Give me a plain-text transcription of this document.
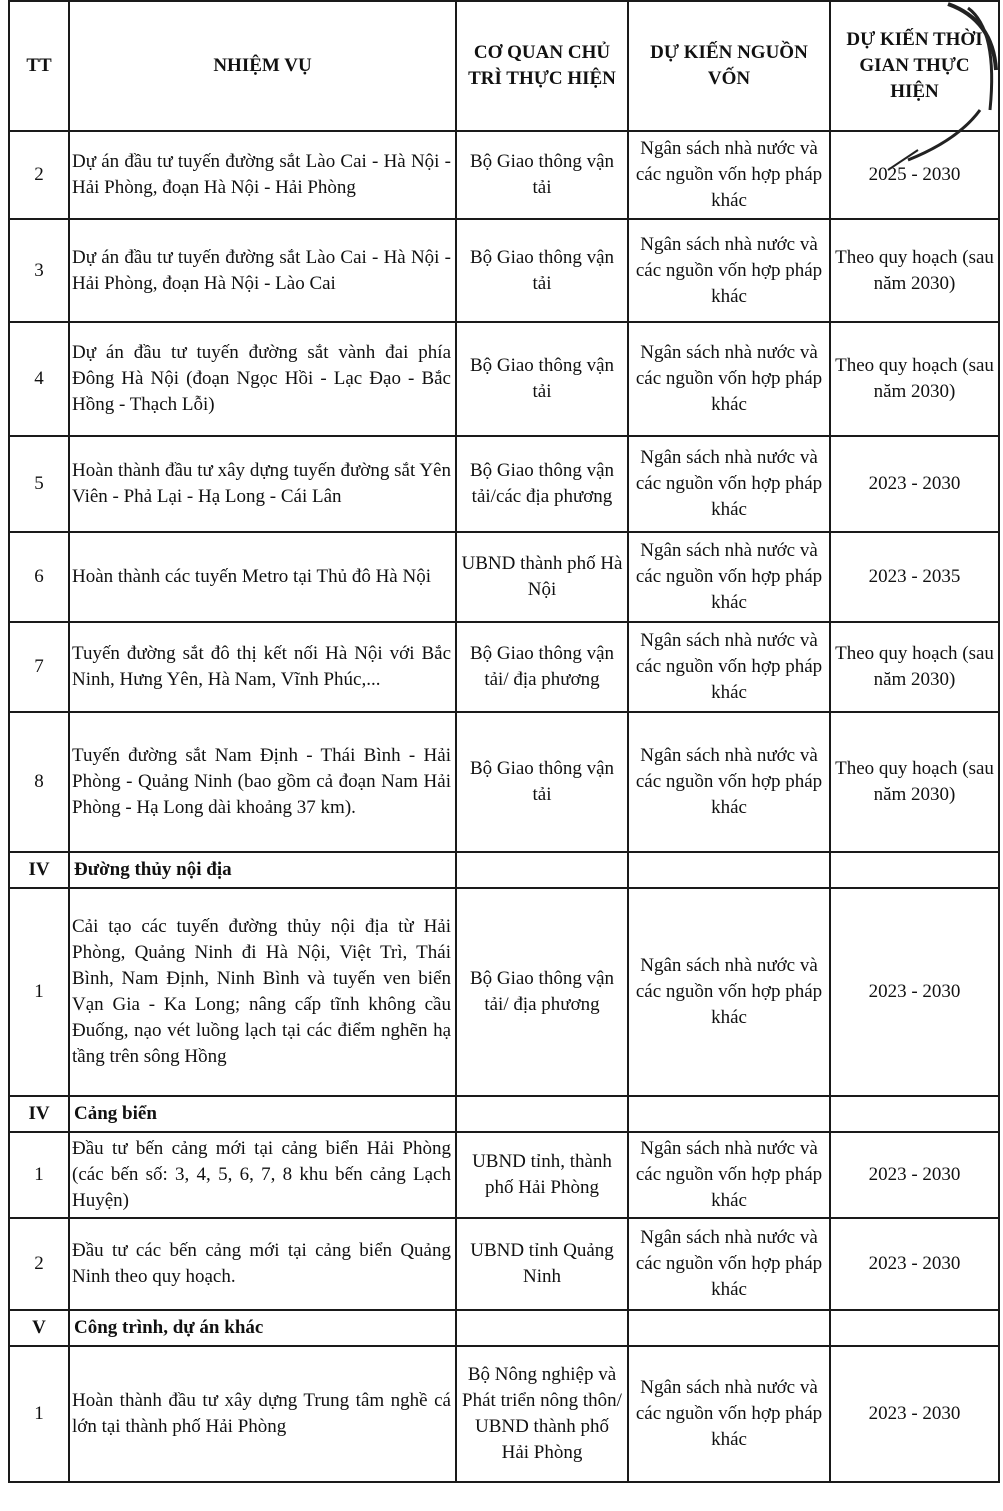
TT	NHIỆM VỤ	CƠ QUAN CHỦ TRÌ THỰC HIỆN	DỰ KIẾN NGUỒN VỐN	DỰ KIẾN THỜI GIAN THỰC HIỆN
2	Dự án đầu tư tuyến đường sắt Lào Cai - Hà Nội - Hải Phòng, đoạn Hà Nội - Hải Phòng	Bộ Giao thông vận tải	Ngân sách nhà nước và các nguồn vốn hợp pháp khác	2025 - 2030
3	Dự án đầu tư tuyến đường sắt Lào Cai - Hà Nội - Hải Phòng, đoạn Hà Nội - Lào Cai	Bộ Giao thông vận tải	Ngân sách nhà nước và các nguồn vốn hợp pháp khác	Theo quy hoạch (sau năm 2030)
4	Dự án đầu tư tuyến đường sắt vành đai phía Đông Hà Nội (đoạn Ngọc Hồi - Lạc Đạo - Bắc Hồng - Thạch Lỗi)	Bộ Giao thông vận tải	Ngân sách nhà nước và các nguồn vốn hợp pháp khác	Theo quy hoạch (sau năm 2030)
5	Hoàn thành đầu tư xây dựng tuyến đường sắt Yên Viên - Phả Lại - Hạ Long - Cái Lân	Bộ Giao thông vận tải/các địa phương	Ngân sách nhà nước và các nguồn vốn hợp pháp khác	2023 - 2030
6	Hoàn thành các tuyến Metro tại Thủ đô Hà Nội	UBND thành phố Hà Nội	Ngân sách nhà nước và các nguồn vốn hợp pháp khác	2023 - 2035
7	Tuyến đường sắt đô thị kết nối Hà Nội với Bắc Ninh, Hưng Yên, Hà Nam, Vĩnh Phúc,...	Bộ Giao thông vận tải/ địa phương	Ngân sách nhà nước và các nguồn vốn hợp pháp khác	Theo quy hoạch (sau năm 2030)
8	Tuyến đường sắt Nam Định - Thái Bình - Hải Phòng - Quảng Ninh (bao gồm cả đoạn Nam Hải Phòng - Hạ Long dài khoảng 37 km).	Bộ Giao thông vận tải	Ngân sách nhà nước và các nguồn vốn hợp pháp khác	Theo quy hoạch (sau năm 2030)
IV	Đường thủy nội địa			
1	Cải tạo các tuyến đường thủy nội địa từ Hải Phòng, Quảng Ninh đi Hà Nội, Việt Trì, Thái Bình, Nam Định, Ninh Bình và tuyến ven biển Vạn Gia - Ka Long; nâng cấp tĩnh không cầu Đuống, nạo vét luồng lạch tại các điểm nghẽn hạ tầng trên sông Hồng	Bộ Giao thông vận tải/ địa phương	Ngân sách nhà nước và các nguồn vốn hợp pháp khác	2023 - 2030
IV	Cảng biển			
1	Đầu tư bến cảng mới tại cảng biển Hải Phòng (các bến số: 3, 4, 5, 6, 7, 8 khu bến cảng Lạch Huyện)	UBND tỉnh, thành phố Hải Phòng	Ngân sách nhà nước và các nguồn vốn hợp pháp khác	2023 - 2030
2	Đầu tư các bến cảng mới tại cảng biển Quảng Ninh theo quy hoạch.	UBND tỉnh Quảng Ninh	Ngân sách nhà nước và các nguồn vốn hợp pháp khác	2023 - 2030
V	Công trình, dự án khác			
1	Hoàn thành đầu tư xây dựng Trung tâm nghề cá lớn tại thành phố Hải Phòng	Bộ Nông nghiệp và Phát triển nông thôn/ UBND thành phố Hải Phòng	Ngân sách nhà nước và các nguồn vốn hợp pháp khác	2023 - 2030
